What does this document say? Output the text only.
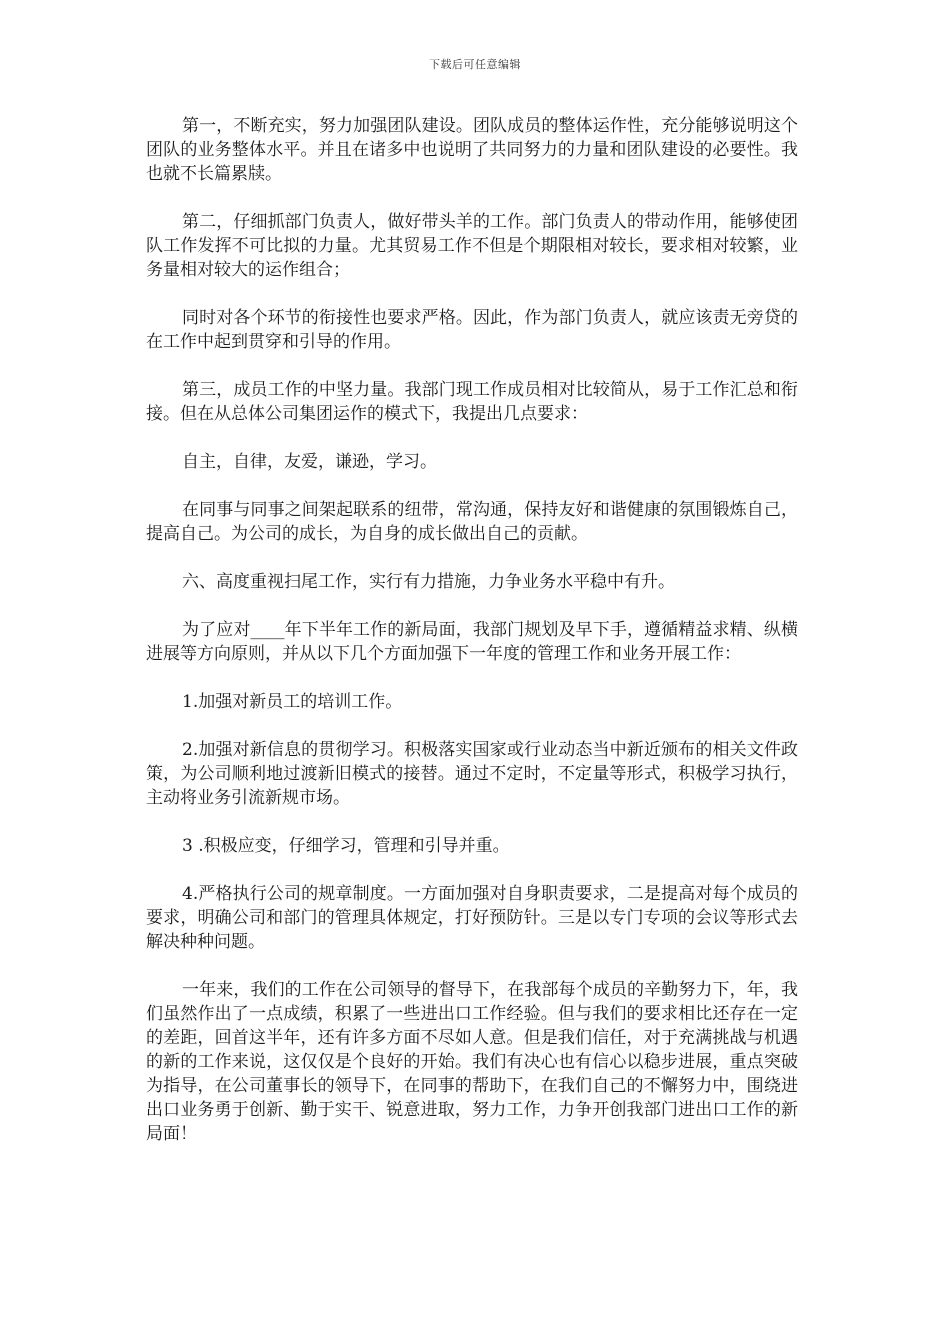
下载后可任意编辑

第一，不断充实，努力加强团队建设。团队成员的整体运作性，充分能够说明这个团队的业务整体水平。并且在诸多中也说明了共同努力的力量和团队建设的必要性。我也就不长篇累牍。

第二，仔细抓部门负责人，做好带头羊的工作。部门负责人的带动作用，能够使团队工作发挥不可比拟的力量。尤其贸易工作不但是个期限相对较长，要求相对较繁，业务量相对较大的运作组合；

同时对各个环节的衔接性也要求严格。因此，作为部门负责人，就应该责无旁贷的在工作中起到贯穿和引导的作用。

第三，成员工作的中坚力量。我部门现工作成员相对比较简从，易于工作汇总和衔接。但在从总体公司集团运作的模式下，我提出几点要求：

自主，自律，友爱，谦逊，学习。

在同事与同事之间架起联系的纽带，常沟通，保持友好和谐健康的氛围锻炼自己，提高自己。为公司的成长，为自身的成长做出自己的贡献。

六、高度重视扫尾工作，实行有力措施，力争业务水平稳中有升。

为了应对____年下半年工作的新局面，我部门规划及早下手，遵循精益求精、纵横进展等方向原则，并从以下几个方面加强下一年度的管理工作和业务开展工作：

1.加强对新员工的培训工作。

2.加强对新信息的贯彻学习。积极落实国家或行业动态当中新近颁布的相关文件政策，为公司顺利地过渡新旧模式的接替。通过不定时，不定量等形式，积极学习执行，主动将业务引流新规市场。

3 .积极应变，仔细学习，管理和引导并重。

4.严格执行公司的规章制度。一方面加强对自身职责要求，二是提高对每个成员的要求，明确公司和部门的管理具体规定，打好预防针。三是以专门专项的会议等形式去解决种种问题。

一年来，我们的工作在公司领导的督导下，在我部每个成员的辛勤努力下，年，我们虽然作出了一点成绩，积累了一些进出口工作经验。但与我们的要求相比还存在一定的差距，回首这半年，还有许多方面不尽如人意。但是我们信任，对于充满挑战与机遇的新的工作来说，这仅仅是个良好的开始。我们有决心也有信心以稳步进展，重点突破为指导，在公司董事长的领导下，在同事的帮助下，在我们自己的不懈努力中，围绕进出口业务勇于创新、勤于实干、锐意进取，努力工作，力争开创我部门进出口工作的新局面！
